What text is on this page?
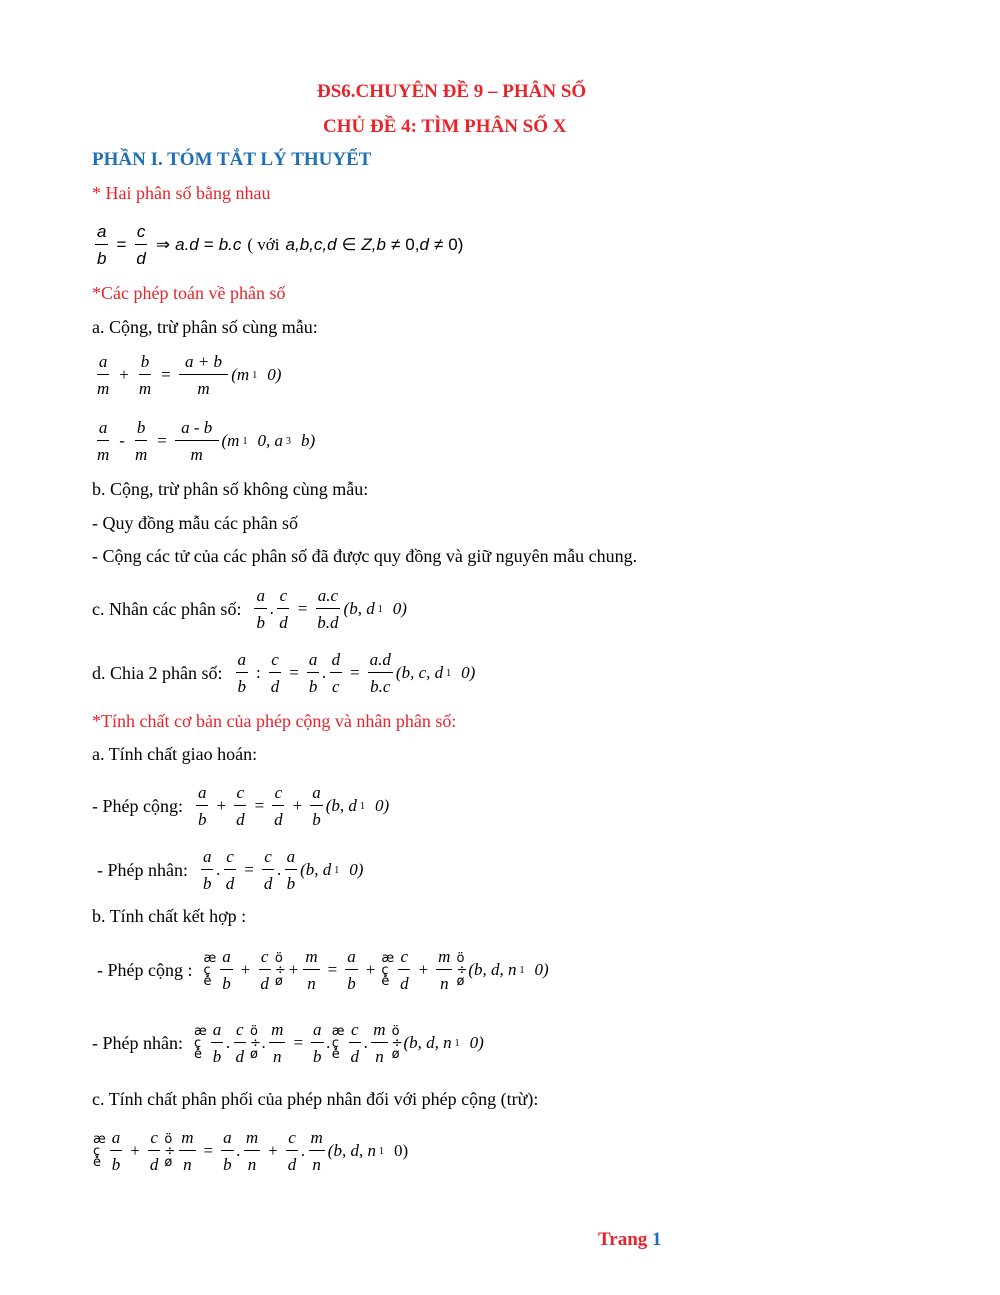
ĐS6.CHUYÊN ĐỀ 9 – PHÂN SỐ
CHỦ ĐỀ 4: TÌM PHÂN SỐ X
PHẦN I. TÓM TẮT LÝ THUYẾT
* Hai phân số bằng nhau
$\frac{a}{b} = \frac{c}{d}$ ⇒ a.d = b.c ( với a,b,c,d ∈ Z,b ≠ 0, d ≠ 0)
*Các phép toán về phân số
a. Cộng, trừ phân số cùng mẫu:
$\frac{a}{m} + \frac{b}{m} = \frac{a + b}{m} (m$ 1 0)
$\frac{a}{m} - \frac{b}{m} = \frac{a - b}{m} (m$ 1 0, a 3 b)
b. Cộng, trừ phân số không cùng mẫu:
- Quy đồng mẫu các phân số
- Cộng các tử của các phân số đã được quy đồng và giữ nguyên mẫu chung.
c. Nhân các phân số: $\frac{a}{b}$ . $\frac{c}{d} = \frac{a.c}{b.d} (b$, d 1 0)
d. Chia 2 phân số: $\frac{a}{b}$ : $\frac{c}{d} = \frac{a}{b}$ . $\frac{d}{c} = \frac{a.d}{b.c} (b$, c, d 1 0)
*Tính chất cơ bản của phép cộng và nhân phân số:
a. Tính chất giao hoán:
- Phép cộng: $\frac{a}{b} + \frac{c}{d} = \frac{c}{d} + \frac{a}{b} (b$, d 1 0)
- Phép nhân: $\frac{a}{b}$ . $\frac{c}{d} = \frac{c}{d}$ . $\frac{a}{b} (b$, d 1 0)
b. Tính chất kết hợp :
- Phép cộng :
æ
ç
è $\frac{a}{b} + \frac{c}{d}$ ö
÷
ø
+ $\frac{m}{n} = \frac{a}{b}$ +
æ
ç
è $\frac{c}{d} + \frac{m}{n}$ ö
÷
ø
(b, d, n 1 0)
- Phép nhân:
æ
ç
è $\frac{a}{b}$ . $\frac{c}{d}$ ö
÷
ø
. $\frac{m}{n} = \frac{a}{b}$ .
æ
ç
è $\frac{c}{d}$ . $\frac{m}{n}$ ö
÷
ø
(b, d, n 1 0)
c. Tính chất phân phối của phép nhân đối với phép cộng (trừ):
æ
ç
è $\frac{a}{b} + \frac{c}{d}$ ö
÷
ø $\frac{m}{n} = \frac{a}{b}$ . $\frac{m}{n} + \frac{c}{d}$ . $\frac{m}{n} (b$, d, n 1 0)
Trang 1
